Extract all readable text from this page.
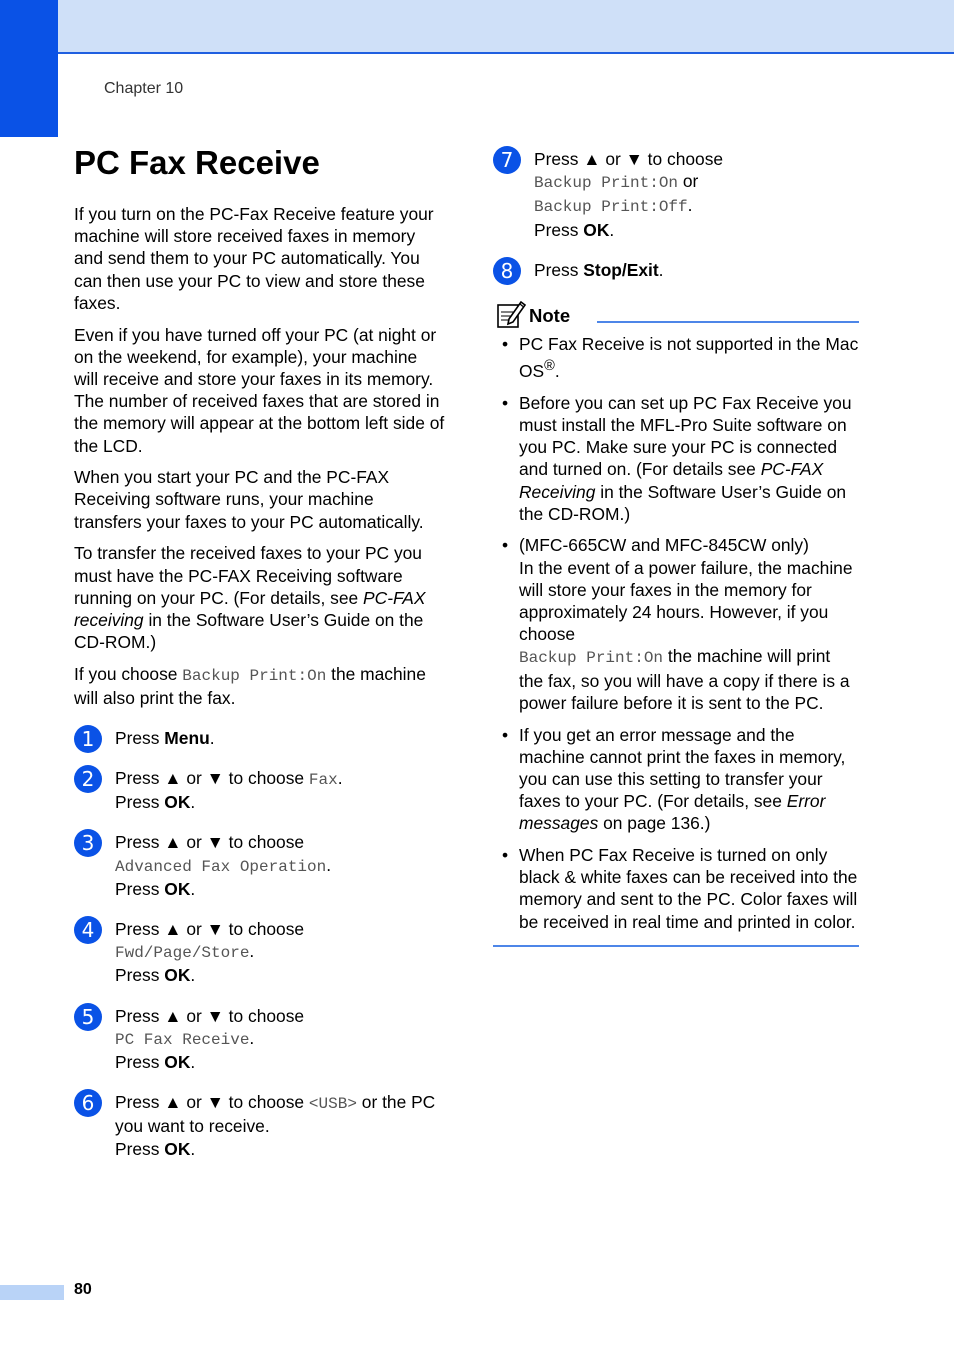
Chapter 10
PC Fax Receive

If you turn on the PC-Fax Receive feature your machine will store received faxes in memory and send them to your PC automatically. You can then use your PC to view and store these faxes.

Even if you have turned off your PC (at night or on the weekend, for example), your machine will receive and store your faxes in its memory. The number of received faxes that are stored in the memory will appear at the bottom left side of the LCD.

When you start your PC and the PC-FAX Receiving software runs, your machine transfers your faxes to your PC automatically.

To transfer the received faxes to your PC you must have the PC-FAX Receiving software running on your PC. (For details, see PC-FAX receiving in the Software User’s Guide on the CD-ROM.)

If you choose Backup Print:On the machine will also print the fax.

1	Press Menu.
2	Press ▲ or ▼ to choose Fax.
Press OK.
3	Press ▲ or ▼ to choose
Advanced Fax Operation.
Press OK.
4	Press ▲ or ▼ to choose
Fwd/Page/Store.
Press OK.
5	Press ▲ or ▼ to choose
PC Fax Receive.
Press OK.
6	Press ▲ or ▼ to choose <USB> or the PC you want to receive.
Press OK.
7	Press ▲ or ▼ to choose
Backup Print:On or
Backup Print:Off.
Press OK.
8	Press Stop/Exit.
Note
• PC Fax Receive is not supported in the Mac OS®.
• Before you can set up PC Fax Receive you must install the MFL-Pro Suite software on you PC. Make sure your PC is connected and turned on. (For details see PC-FAX Receiving in the Software User’s Guide on the CD-ROM.)
• (MFC-665CW and MFC-845CW only)
In the event of a power failure, the machine will store your faxes in the memory for approximately 24 hours. However, if you choose
Backup Print:On the machine will print the fax, so you will have a copy if there is a power failure before it is sent to the PC.
• If you get an error message and the machine cannot print the faxes in memory, you can use this setting to transfer your faxes to your PC. (For details, see Error messages on page 136.)
• When PC Fax Receive is turned on only black & white faxes can be received into the memory and sent to the PC. Color faxes will be received in real time and printed in color.
80
